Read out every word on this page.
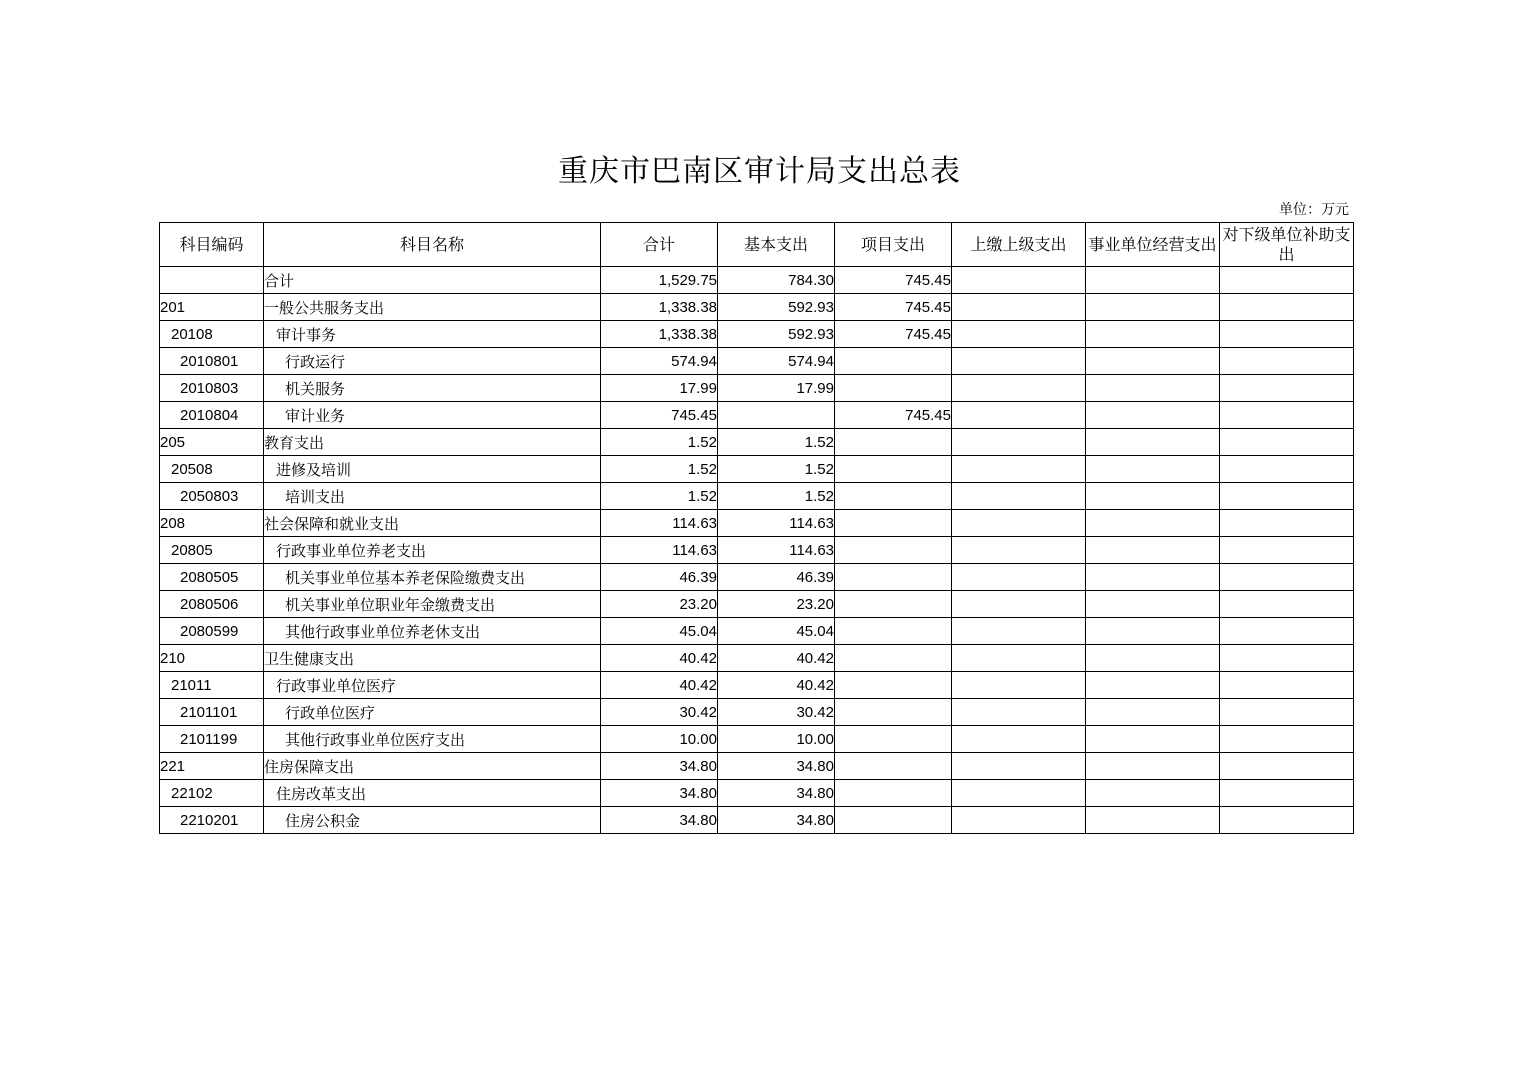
重庆市巴南区审计局支出总表
单位：万元
科目编码	科目名称	合计	基本支出	项目支出	上缴上级支出	事业单位经营支出	对下级单位补助支出
	合计	1,529.75	784.30	745.45			
201	一般公共服务支出	1,338.38	592.93	745.45			
20108	审计事务	1,338.38	592.93	745.45			
2010801	行政运行	574.94	574.94				
2010803	机关服务	17.99	17.99				
2010804	审计业务	745.45		745.45			
205	教育支出	1.52	1.52				
20508	进修及培训	1.52	1.52				
2050803	培训支出	1.52	1.52				
208	社会保障和就业支出	114.63	114.63				
20805	行政事业单位养老支出	114.63	114.63				
2080505	机关事业单位基本养老保险缴费支出	46.39	46.39				
2080506	机关事业单位职业年金缴费支出	23.20	23.20				
2080599	其他行政事业单位养老休支出	45.04	45.04				
210	卫生健康支出	40.42	40.42				
21011	行政事业单位医疗	40.42	40.42				
2101101	行政单位医疗	30.42	30.42				
2101199	其他行政事业单位医疗支出	10.00	10.00				
221	住房保障支出	34.80	34.80				
22102	住房改革支出	34.80	34.80				
2210201	住房公积金	34.80	34.80				
